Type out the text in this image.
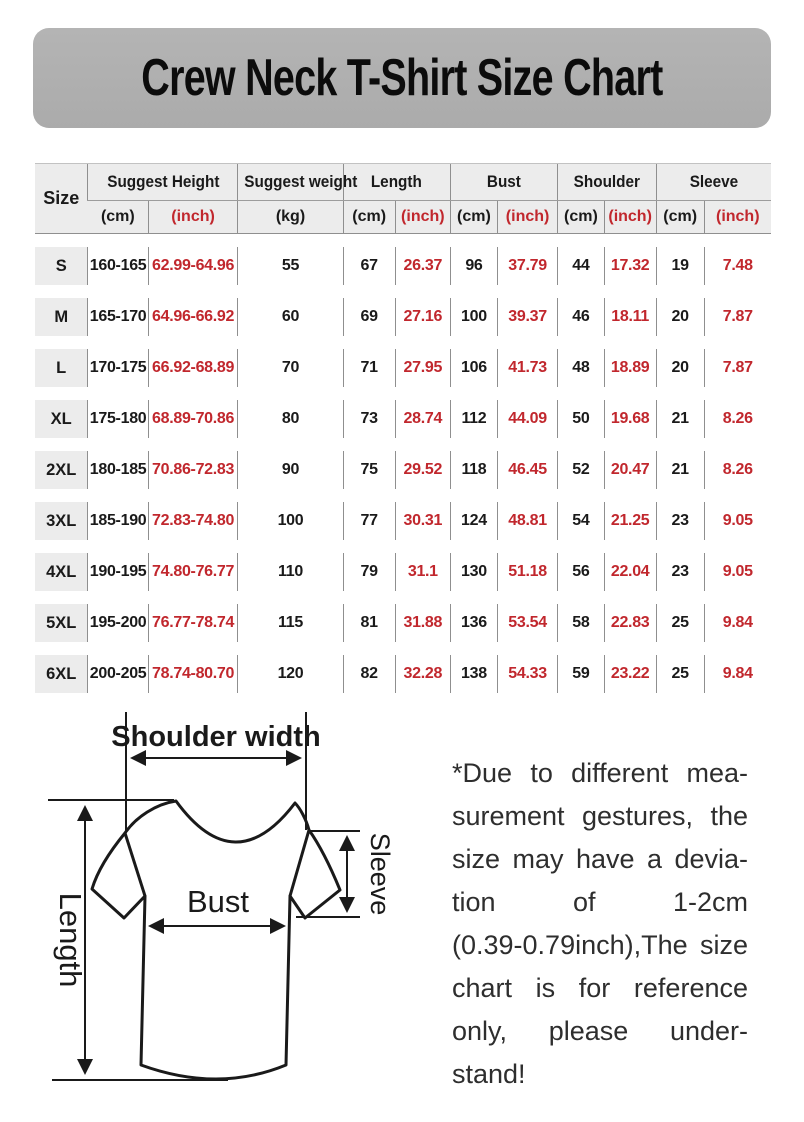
Crew Neck T-Shirt Size Chart
Size	Suggest Height		Suggest weight	Length		Bust		Shoulder		Sleeve	
	(cm)	(inch)	(kg)	(cm)	(inch)	(cm)	(inch)	(cm)	(inch)	(cm)	(inch)

S	160-165	62.99-64.96	55	67	26.37	96	37.79	44	17.32	19	7.48

M	165-170	64.96-66.92	60	69	27.16	100	39.37	46	18.11	20	7.87

L	170-175	66.92-68.89	70	71	27.95	106	41.73	48	18.89	20	7.87

XL	175-180	68.89-70.86	80	73	28.74	112	44.09	50	19.68	21	8.26

2XL	180-185	70.86-72.83	90	75	29.52	118	46.45	52	20.47	21	8.26

3XL	185-190	72.83-74.80	100	77	30.31	124	48.81	54	21.25	23	9.05

4XL	190-195	74.80-76.77	110	79	31.1	130	51.18	56	22.04	23	9.05

5XL	195-200	76.77-78.74	115	81	31.88	136	53.54	58	22.83	25	9.84

6XL	200-205	78.74-80.70	120	82	32.28	138	54.33	59	23.22	25	9.84
Shoulder width
Bust
Length
Sleeve
*Due to different mea-
surement gestures, the
size may have a devia-
tion of 1-2cm
(0.39-0.79inch),The size
chart is for reference
only, please under-
stand!
